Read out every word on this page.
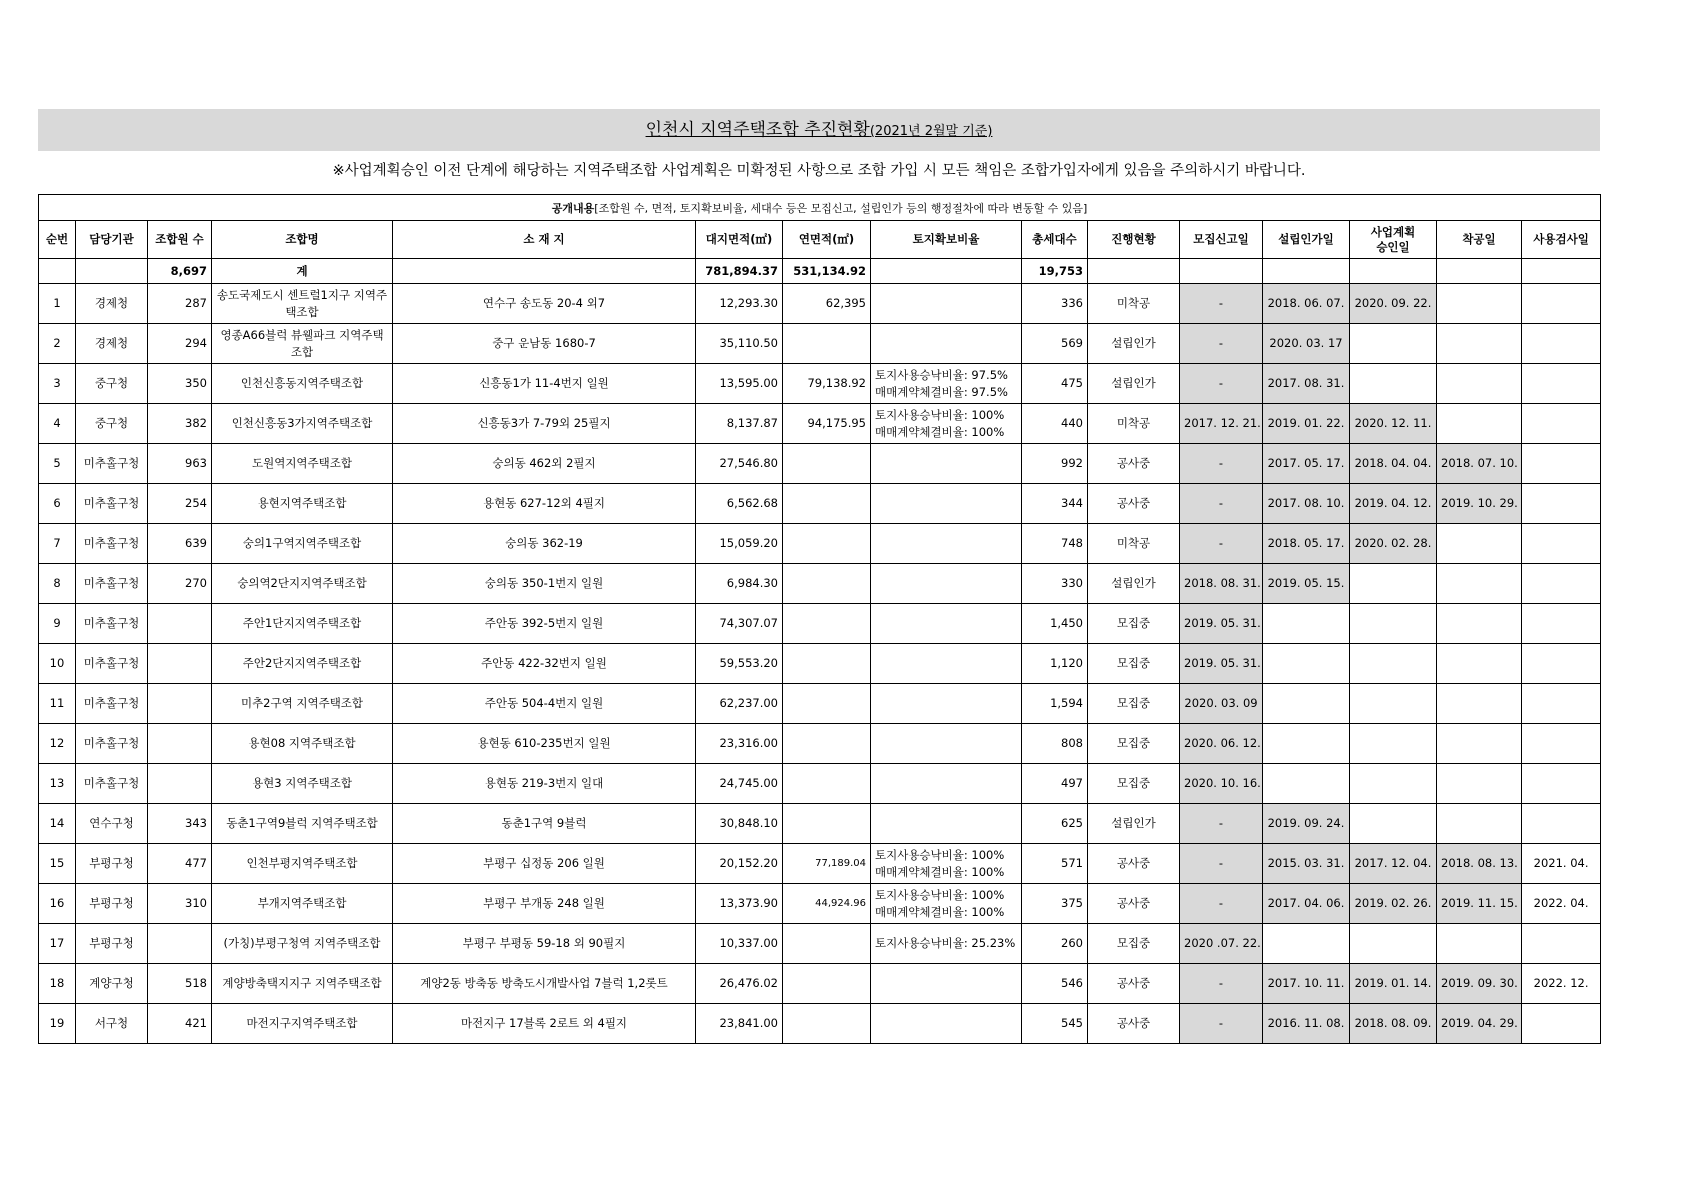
인천시 지역주택조합 추진현황(2021년 2월말 기준)
※사업계획승인 이전 단계에 해당하는 지역주택조합 사업계획은 미확정된 사항으로 조합 가입 시 모든 책임은 조합가입자에게 있음을 주의하시기 바랍니다.
공개내용[조합원 수, 면적, 토지확보비율, 세대수 등은 모집신고, 설립인가 등의 행정절차에 따라 변동할 수 있음]														
순번	담당기관	조합원 수	조합명	소 재 지	대지면적(㎡)	연면적(㎡)	토지확보비율	총세대수	진행현황	모집신고일	설립인가일	사업계획
승인일	착공일	사용검사일
		8,697	계		781,894.37	531,134.92		19,753						
1	경제청	287	송도국제도시 센트럴1지구 지역주택조합	연수구 송도동 20-4 외7	12,293.30	62,395		336	미착공	-	2018. 06. 07.	2020. 09. 22.		
2	경제청	294	영종A66블럭 뷰웰파크 지역주택조합	중구 운남동 1680-7	35,110.50			569	설립인가	-	2020. 03. 17			
3	중구청	350	인천신흥동지역주택조합	신흥동1가 11-4번지 일원	13,595.00	79,138.92	토지사용승낙비율: 97.5% 매매계약체결비율: 97.5%	475	설립인가	-	2017. 08. 31.			
4	중구청	382	인천신흥동3가지역주택조합	신흥동3가 7-79외 25필지	8,137.87	94,175.95	토지사용승낙비율: 100% 매매계약체결비율: 100%	440	미착공	2017. 12. 21.	2019. 01. 22.	2020. 12. 11.		
5	미추홀구청	963	도원역지역주택조합	숭의동 462외 2필지	27,546.80			992	공사중	-	2017. 05. 17.	2018. 04. 04.	2018. 07. 10.	
6	미추홀구청	254	용현지역주택조합	용현동 627-12외 4필지	6,562.68			344	공사중	-	2017. 08. 10.	2019. 04. 12.	2019. 10. 29.	
7	미추홀구청	639	숭의1구역지역주택조합	숭의동 362-19	15,059.20			748	미착공	-	2018. 05. 17.	2020. 02. 28.		
8	미추홀구청	270	숭의역2단지지역주택조합	숭의동 350-1번지 일원	6,984.30			330	설립인가	2018. 08. 31.	2019. 05. 15.			
9	미추홀구청		주안1단지지역주택조합	주안동 392-5번지 일원	74,307.07			1,450	모집중	2019. 05. 31.				
10	미추홀구청		주안2단지지역주택조합	주안동 422-32번지 일원	59,553.20			1,120	모집중	2019. 05. 31.				
11	미추홀구청		미추2구역 지역주택조합	주안동 504-4번지 일원	62,237.00			1,594	모집중	2020. 03. 09				
12	미추홀구청		용현08 지역주택조합	용현동 610-235번지 일원	23,316.00			808	모집중	2020. 06. 12.				
13	미추홀구청		용현3 지역주택조합	용현동 219-3번지 일대	24,745.00			497	모집중	2020. 10. 16.				
14	연수구청	343	동춘1구역9블럭 지역주택조합	동춘1구역 9블럭	30,848.10			625	설립인가	-	2019. 09. 24.			
15	부평구청	477	인천부평지역주택조합	부평구 십정동 206 일원	20,152.20	77,189.04	토지사용승낙비율: 100% 매매계약체결비율: 100%	571	공사중	-	2015. 03. 31.	2017. 12. 04.	2018. 08. 13.	2021. 04.
16	부평구청	310	부개지역주택조합	부평구 부개동 248 일원	13,373.90	44,924.96	토지사용승낙비율: 100% 매매계약체결비율: 100%	375	공사중	-	2017. 04. 06.	2019. 02. 26.	2019. 11. 15.	2022. 04.
17	부평구청		(가칭)부평구청역 지역주택조합	부평구 부평동 59-18 외 90필지	10,337.00		토지사용승낙비율: 25.23%	260	모집중	2020 .07. 22.				
18	계양구청	518	계양방축택지지구 지역주택조합	계양2동 방축동 방축도시개발사업 7블럭 1,2롯트	26,476.02			546	공사중	-	2017. 10. 11.	2019. 01. 14.	2019. 09. 30.	2022. 12.
19	서구청	421	마전지구지역주택조합	마전지구 17블록 2로트 외 4필지	23,841.00			545	공사중	-	2016. 11. 08.	2018. 08. 09.	2019. 04. 29.	
